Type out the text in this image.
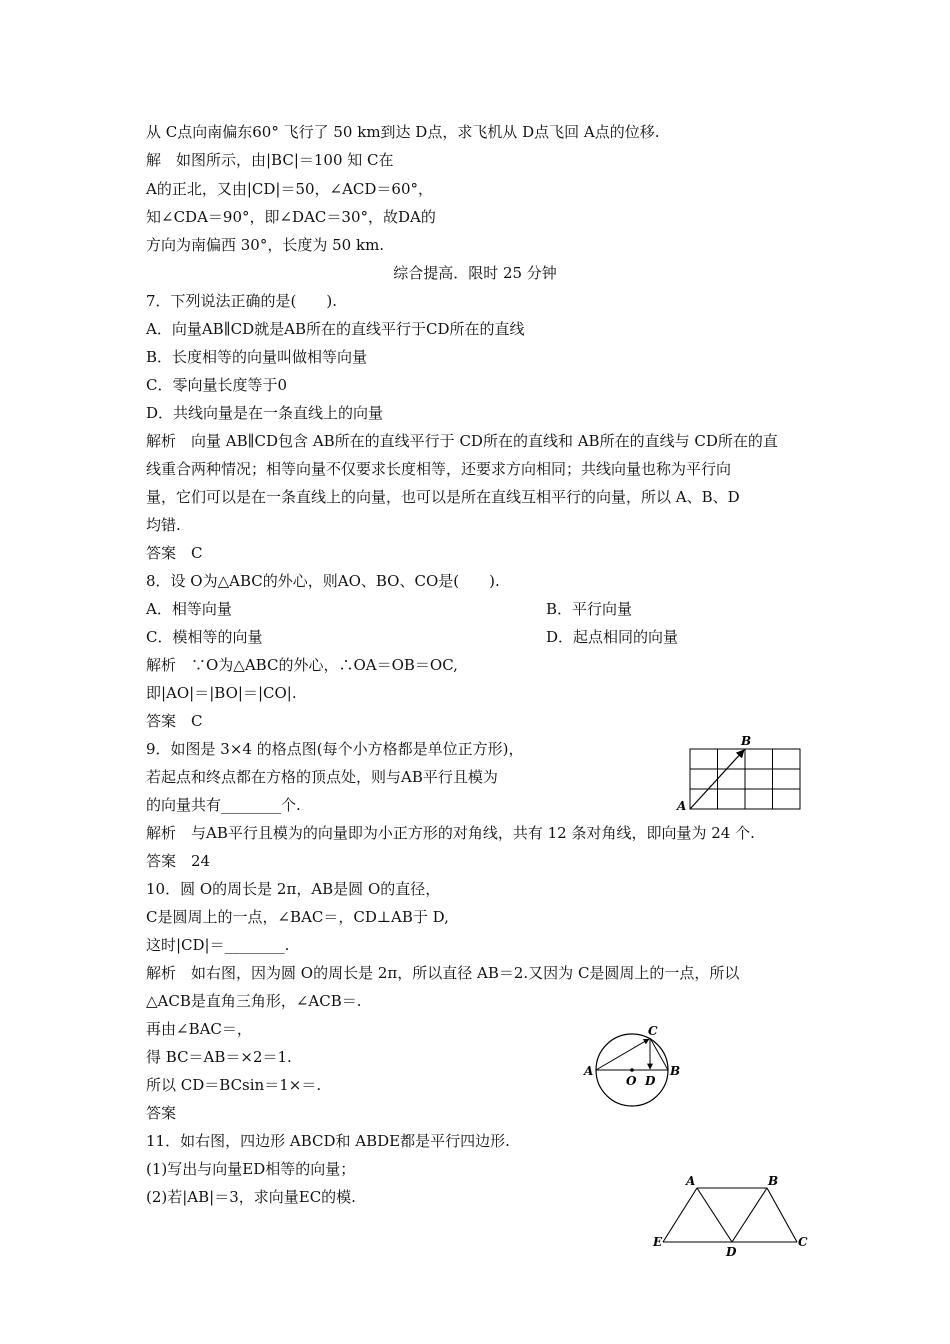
从 C点向南偏东60° 飞行了 50 km到达 D点，求飞机从 D点飞回 A点的位移.
解　如图所示，由|BC|＝100 知 C在
A的正北，又由|CD|＝50，∠ACD＝60°，
知∠CDA＝90°，即∠DAC＝30°，故DA的
方向为南偏西 30°，长度为 50 km.
综合提高．限时 25 分钟
7．下列说法正确的是(　　).
A．向量AB∥CD就是AB所在的直线平行于CD所在的直线
B．长度相等的向量叫做相等向量
C．零向量长度等于0
D．共线向量是在一条直线上的向量
解析　向量 AB∥CD包含 AB所在的直线平行于 CD所在的直线和 AB所在的直线与 CD所在的直
线重合两种情况；相等向量不仅要求长度相等，还要求方向相同；共线向量也称为平行向
量，它们可以是在一条直线上的向量，也可以是所在直线互相平行的向量，所以 A、B、D
均错.
答案　C
8．设 O为△ABC的外心，则AO、BO、CO是(　　).
A．相等向量	B．平行向量
C．模相等的向量	D．起点相同的向量
解析　∵O为△ABC的外心，∴OA＝OB＝OC,
即|AO|＝|BO|＝|CO|.
答案　C
9．如图是 3×4 的格点图(每个小方格都是单位正方形)，
若起点和终点都在方格的顶点处，则与AB平行且模为
的向量共有________个.
解析　与AB平行且模为的向量即为小正方形的对角线，共有 12 条对角线，即向量为 24 个.
答案　24
10．圆 O的周长是 2π，AB是圆 O的直径，
C是圆周上的一点，∠BAC＝，CD⊥AB于 D,
这时|CD|＝________.
解析　如右图，因为圆 O的周长是 2π，所以直径 AB＝2.又因为 C是圆周上的一点，所以
△ACB是直角三角形，∠ACB＝.
再由∠BAC＝，
得 BC＝AB＝×2＝1.
所以 CD＝BCsin＝1×＝.
答案
11．如右图，四边形 ABCD和 ABDE都是平行四边形.
(1)写出与向量ED相等的向量；
(2)若|AB|＝3，求向量EC的模.
A
B
A
O D
B
C
A	B
E
D
C
